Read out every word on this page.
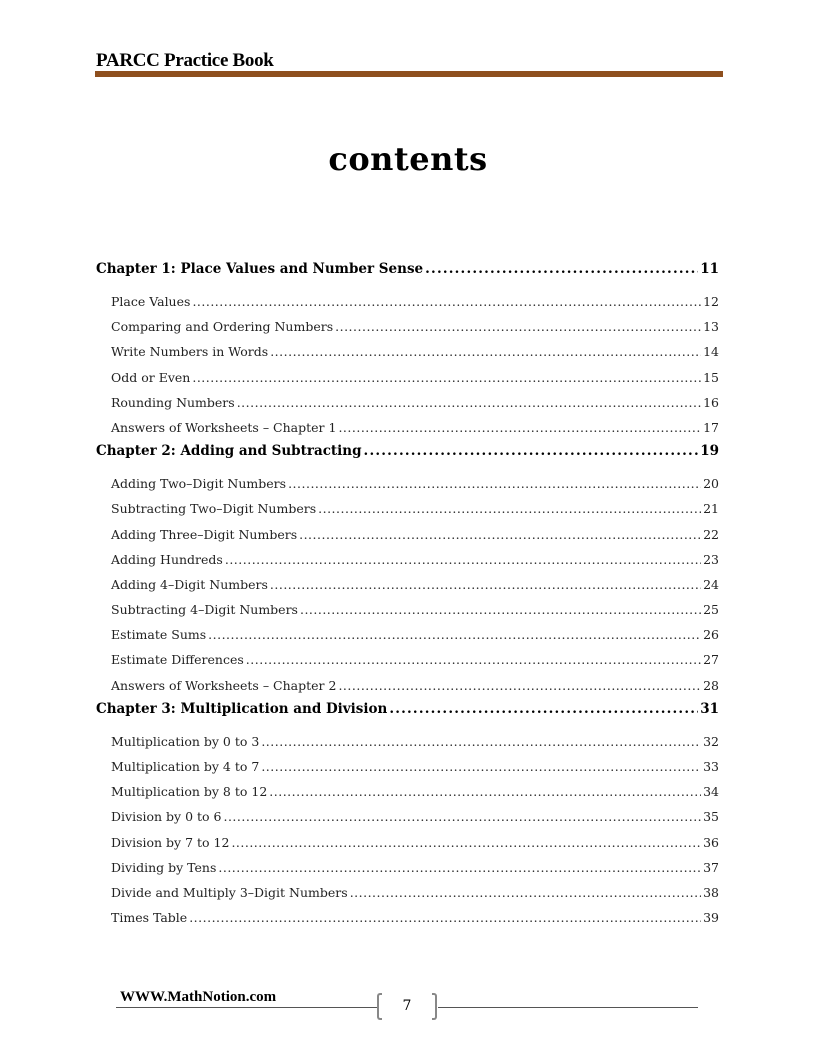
PARCC Practice Book
contents
Chapter 1: Place Values and Number Sense .....	11
Place Values .....	12
Comparing and Ordering Numbers .....	13
Write Numbers in Words .....	14
Odd or Even .....	15
Rounding Numbers .....	16
Answers of Worksheets – Chapter 1 .....	17
Chapter 2: Adding and Subtracting .....	19
Adding Two–Digit Numbers .....	20
Subtracting Two–Digit Numbers .....	21
Adding Three–Digit Numbers .....	22
Adding Hundreds .....	23
Adding 4–Digit Numbers .....	24
Subtracting 4–Digit Numbers .....	25
Estimate Sums .....	26
Estimate Differences .....	27
Answers of Worksheets – Chapter 2 .....	28
Chapter 3: Multiplication and Division .....	31
Multiplication by 0 to 3 .....	32
Multiplication by 4 to 7 .....	33
Multiplication by 8 to 12 .....	34
Division by 0 to 6 .....	35
Division by 7 to 12 .....	36
Dividing by Tens .....	37
Divide and Multiply 3–Digit Numbers .....	38
Times Table .....	39
WWW.MathNotion.com
7
